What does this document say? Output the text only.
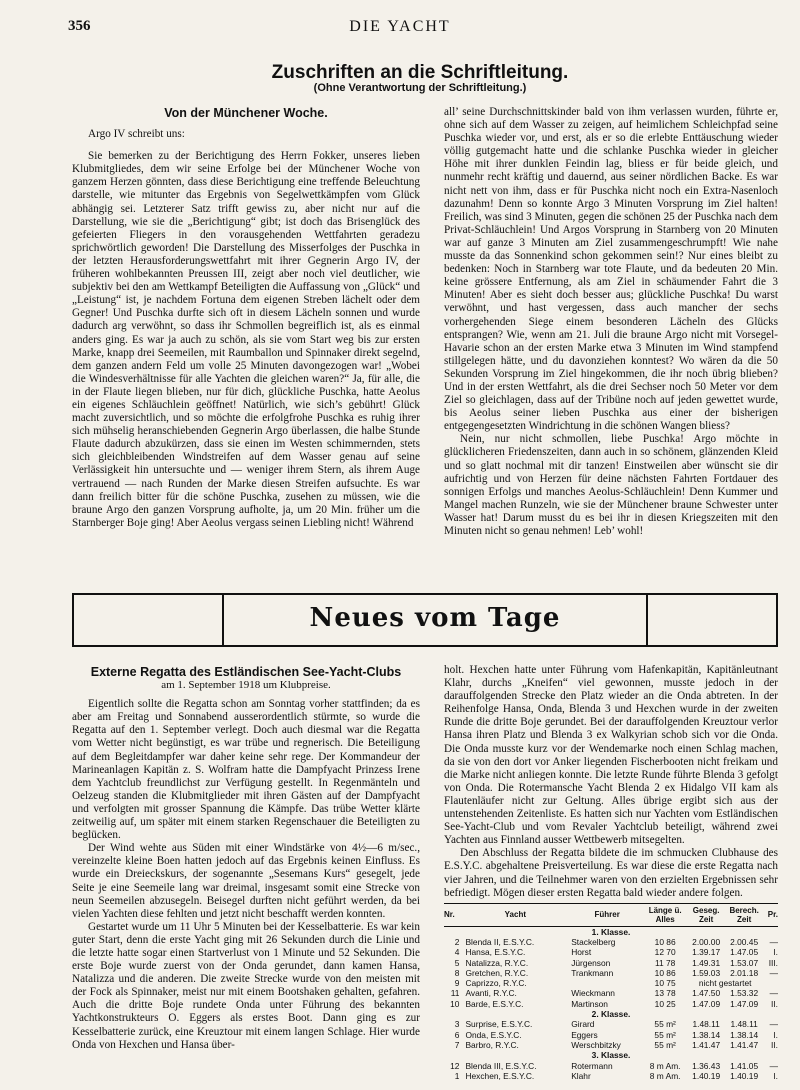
356	DIE YACHT
Zuschriften an die Schriftleitung.
(Ohne Verantwortung der Schriftleitung.)
Von der Münchener Woche.

Argo IV schreibt uns:

Sie bemerken zu der Berichtigung des Herrn Fokker, unseres lieben Klubmitgliedes, dem wir seine Erfolge bei der Münchener Woche von ganzem Herzen gönnten, dass diese Berichtigung eine treffende Beleuchtung darstelle, wie mitunter das Ergebnis von Segelwettkämpfen vom Glück abhängig sei. Letzterer Satz trifft gewiss zu, aber nicht nur auf die Darstellung, wie sie die „Berichtigung“ gibt; ist doch das Brisenglück des gefeierten Fliegers in den vorausgehenden Wettfahrten geradezu sprichwörtlich geworden! Die Darstellung des Misserfolges der Puschka in der letzten Herausforderungswettfahrt mit ihrer Gegnerin Argo IV, der früheren wohlbekannten Preussen III, zeigt aber noch viel deutlicher, wie subjektiv bei den am Wettkampf Beteiligten die Auffassung von „Glück“ und „Leistung“ ist, je nachdem Fortuna dem eigenen Streben lächelt oder dem Gegner! Und Puschka durfte sich oft in diesem Lächeln sonnen und wurde dadurch arg verwöhnt, so dass ihr Schmollen begreiflich ist, als es einmal anders ging. Es war ja auch zu schön, als sie vom Start weg bis zur ersten Marke, knapp drei Seemeilen, mit Raumballon und Spinnaker direkt segelnd, dem ganzen andern Feld um volle 25 Minuten davongezogen war! „Wobei die Windesverhältnisse für alle Yachten die gleichen waren?“ Ja, für alle, die in der Flaute liegen blieben, nur für dich, glückliche Puschka, hatte Aeolus ein eigenes Schläuchlein geöffnet! Natürlich, wie sich’s gebührt! Glück macht zuversichtlich, und so möchte die erfolgfrohe Puschka es ruhig ihrer sich mühselig heranschiebenden Gegnerin Argo überlassen, die halbe Stunde Flaute dadurch abzukürzen, dass sie einen im Westen schimmernden, stets sich gleichbleibenden Windstreifen auf dem Wasser genau auf seine Verlässigkeit hin untersuchte und — weniger ihrem Stern, als ihrem Auge vertrauend — nach Runden der Marke diesen Streifen aufsuchte. Es war dann freilich bitter für die schöne Puschka, zusehen zu müssen, wie die braune Argo den ganzen Vorsprung aufholte, ja, um 20 Min. früher um die Starnberger Boje ging! Aber Aeolus vergass seinen Liebling nicht! Während

all’ seine Durchschnittskinder bald von ihm verlassen wurden, führte er, ohne sich auf dem Wasser zu zeigen, auf heimlichem Schleichpfad seine Puschka wieder vor, und erst, als er so die erlebte Enttäuschung wieder völlig gutgemacht hatte und die schlanke Puschka wieder in gleicher Höhe mit ihrer dunklen Feindin lag, bliess er für beide gleich, und nunmehr recht kräftig und dauernd, aus seiner nördlichen Backe. Es war nicht nett von ihm, dass er für Puschka nicht noch ein Extra-Nasenloch dazunahm! Denn so konnte Argo 3 Minuten Vorsprung im Ziel halten! Freilich, was sind 3 Minuten, gegen die schönen 25 der Puschka nach dem Privat-Schläuchlein! Und Argos Vorsprung in Starnberg von 20 Minuten war auf ganze 3 Minuten am Ziel zusammengeschrumpft! Wie nahe musste da das Sonnenkind schon gekommen sein!? Nur eines bleibt zu bedenken: Noch in Starnberg war tote Flaute, und da bedeuten 20 Min. keine grössere Entfernung, als am Ziel in schäumender Fahrt die 3 Minuten! Aber es sieht doch besser aus; glückliche Puschka! Du warst verwöhnt, und hast vergessen, dass auch mancher der sechs vorhergehenden Siege einem besonderen Lächeln des Glücks entsprangen? Wie, wenn am 21. Juli die braune Argo nicht mit Vorsegel-Havarie schon an der ersten Marke etwa 3 Minuten im Wind stampfend stillgelegen hätte, und du davonziehen konntest? Wo wären da die 50 Sekunden Vorsprung im Ziel hingekommen, die ihr noch übrig blieben? Und in der ersten Wettfahrt, als die drei Sechser noch 50 Meter vor dem Ziel so gleichlagen, dass auf der Tribüne noch auf jeden gewettet wurde, bis Aeolus seiner lieben Puschka aus einer der bisherigen entgegengesetzten Windrichtung in die schönen Wangen bliess?

Nein, nur nicht schmollen, liebe Puschka! Argo möchte in glücklicheren Friedenszeiten, dann auch in so schönem, glänzenden Kleid und so glatt nochmal mit dir tanzen! Einstweilen aber wünscht sie dir aufrichtig und von Herzen für deine nächsten Fahrten Fortdauer des sonnigen Erfolgs und manches Aeolus-Schläuchlein! Denn Kummer und Mangel machen Runzeln, wie sie der Münchener braune Schwester unter Wasser hat! Darum musst du es bei ihr in diesen Kriegszeiten mit den Minuten nicht so genau nehmen! Leb’ wohl!

Neues vom Tage
Externe Regatta des Estländischen See-Yacht-Clubs
am 1. September 1918 um Klubpreise.

Eigentlich sollte die Regatta schon am Sonntag vorher stattfinden; da es aber am Freitag und Sonnabend ausserordentlich stürmte, so wurde die Regatta auf den 1. September verlegt. Doch auch diesmal war die Regatta vom Wetter nicht begünstigt, es war trübe und regnerisch. Die Beteiligung auf dem Begleitdampfer war daher keine sehr rege. Der Kommandeur der Marineanlagen Kapitän z. S. Wolfram hatte die Dampfyacht Prinzess Irene dem Yachtclub freundlichst zur Verfügung gestellt. In Regenmänteln und Oelzeug standen die Klubmitglieder mit ihren Gästen auf der Dampfyacht und verfolgten mit grosser Spannung die Kämpfe. Das trübe Wetter klärte zeitweilig auf, um später mit einem starken Regenschauer die Beteiligten zu beglücken.

Der Wind wehte aus Süden mit einer Windstärke von 4½—6 m/sec., vereinzelte kleine Boen hatten jedoch auf das Ergebnis keinen Einfluss. Es wurde ein Dreieckskurs, der sogenannte „Sesemans Kurs“ gesegelt, jede Seite je eine Seemeile lang war dreimal, insgesamt somit eine Strecke von neun Seemeilen abzusegeln. Beisegel durften nicht geführt werden, da bei vielen Yachten diese fehlten und jetzt nicht beschafft werden konnten.

Gestartet wurde um 11 Uhr 5 Minuten bei der Kesselbatterie. Es war kein guter Start, denn die erste Yacht ging mit 26 Sekunden durch die Linie und die letzte hatte sogar einen Startverlust von 1 Minute und 52 Sekunden. Die erste Boje wurde zuerst von der Onda gerundet, dann kamen Hansa, Natalizza und die anderen. Die zweite Strecke wurde von den meisten mit der Fock als Spinnaker, meist nur mit einem Bootshaken gehalten, gefahren. Auch die dritte Boje rundete Onda unter Führung des bekannten Yachtkonstrukteurs O. Eggers als erstes Boot. Dann ging es zur Kesselbatterie zurück, eine Kreuztour mit einem langen Schlage. Hier wurde Onda von Hexchen und Hansa über-

holt. Hexchen hatte unter Führung vom Hafenkapitän, Kapitänleutnant Klahr, durchs „Kneifen“ viel gewonnen, musste jedoch in der darauffolgenden Strecke den Platz wieder an die Onda abtreten. In der Reihenfolge Hansa, Onda, Blenda 3 und Hexchen wurde in der zweiten Runde die dritte Boje gerundet. Bei der darauffolgenden Kreuztour verlor Hansa ihren Platz und Blenda 3 ex Walkyrian schob sich vor die Onda. Die Onda musste kurz vor der Wendemarke noch einen Schlag machen, da sie von den dort vor Anker liegenden Fischerbooten nicht freikam und die Marke nicht anliegen konnte. Die letzte Runde führte Blenda 3 gefolgt von Onda. Die Rotermansche Yacht Blenda 2 ex Hidalgo VII kam als Flautenläufer nicht zur Geltung. Alles übrige ergibt sich aus der untenstehenden Zeitenliste. Es hatten sich nur Yachten vom Estländischen See-Yacht-Club und vom Revaler Yachtclub beteiligt, während zwei Yachten aus Finnland ausser Wettbewerb mitsegelten.

Den Abschluss der Regatta bildete die im schmucken Clubhause des E.S.Y.C. abgehaltene Preisverteilung. Es war diese die erste Regatta nach vier Jahren, und die Teilnehmer waren von den erzielten Ergebnissen sehr befriedigt. Mögen dieser ersten Regatta bald wieder andere folgen.

Nr.	Yacht	Führer	Länge ü. Alles	Geseg. Zeit	Berech. Zeit	Pr.
1. Klasse.						
2	Blenda II, E.S.Y.C.	Stackelberg	10 86	2.00.00	2.00.45	—
4	Hansa, E.S.Y.C.	Horst	12 70	1.39.17	1.47.05	I.
5	Natalizza, R.Y.C.	Jürgenson	11 78	1.49.31	1.53.07	III.
8	Gretchen, R.Y.C.	Trankmann	10 86	1.59.03	2.01.18	—
9	Caprizzo, R.Y.C.		10 75	nicht gestartet		
11	Avanti, R.Y.C.	Wieckmann	13 78	1.47.50	1.53.32	—
10	Barde, E.S.Y.C.	Martinson	10 25	1.47.09	1.47.09	II.
2. Klasse.						
3	Surprise, E.S.Y.C.	Girard	55 m²	1.48.11	1.48.11	—
6	Onda, E.S.Y.C.	Eggers	55 m²	1.38.14	1.38.14	I.
7	Barbro, R.Y.C.	Werschbitzky	55 m²	1.41.47	1.41.47	II.
3. Klasse.						
12	Blenda III, E.S.Y.C.	Rotermann	8 m Am.	1.36.43	1.41.05	—
1	Hexchen, E.S.Y.C.	Klahr	8 m Am.	1.40.19	1.40.19	I.
